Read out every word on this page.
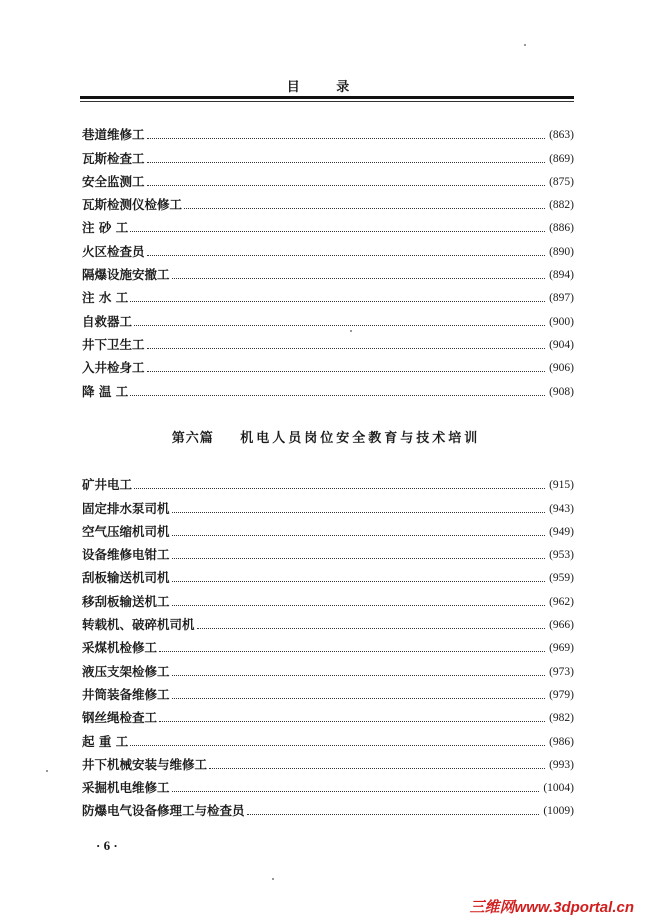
目 录
巷道维修工	(863)
瓦斯检查工	(869)
安全监测工	(875)
瓦斯检测仪检修工	(882)
注 砂 工	(886)
火区检查员	(890)
隔爆设施安撤工	(894)
注 水 工	(897)
自救器工	(900)
井下卫生工	(904)
入井检身工	(906)
降 温 工	(908)
第六篇 机电人员岗位安全教育与技术培训
矿井电工	(915)
固定排水泵司机	(943)
空气压缩机司机	(949)
设备维修电钳工	(953)
刮板输送机司机	(959)
移刮板输送机工	(962)
转载机、破碎机司机	(966)
采煤机检修工	(969)
液压支架检修工	(973)
井筒装备维修工	(979)
钢丝绳检查工	(982)
起 重 工	(986)
井下机械安装与维修工	(993)
采掘机电维修工	(1004)
防爆电气设备修理工与检查员	(1009)
· 6 ·
三维网www.3dportal.cn
